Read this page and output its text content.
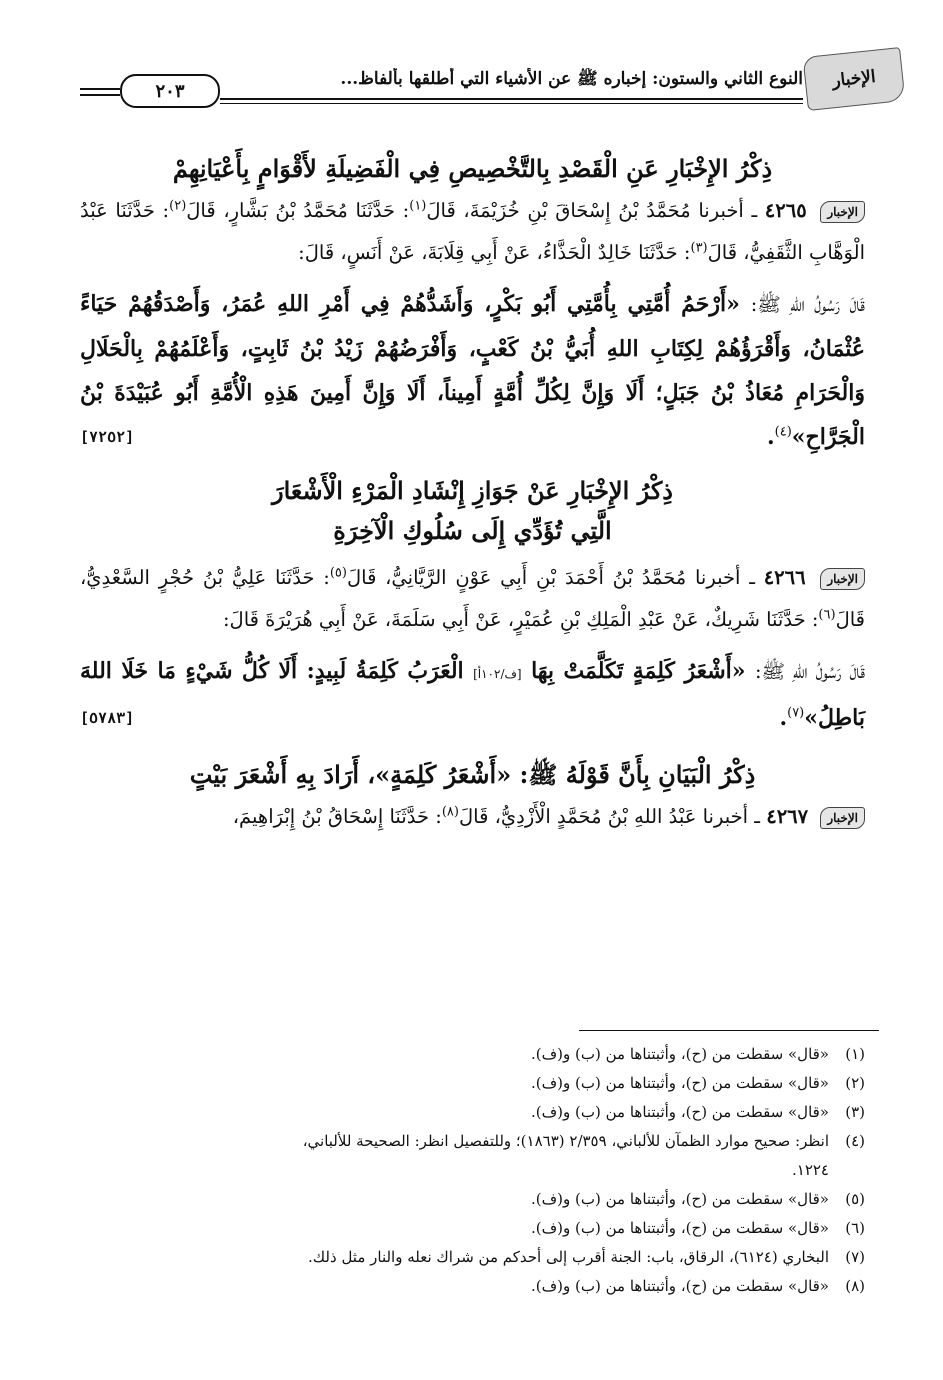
الإخبار
النوع الثاني والستون: إخباره ﷺ عن الأشياء التي أطلقها بألفاظ...
٢٠٣

ذِكْرُ الإِخْبَارِ عَنِ الْقَصْدِ بِالتَّخْصِيصِ فِي الْفَضِيلَةِ لأَقْوَامٍ بِأَعْيَانِهِمْ

الإخبار ٤٢٦٥ ـ أخبرنا مُحَمَّدُ بْنُ إِسْحَاقَ بْنِ خُزَيْمَةَ، قَالَ$^{(١)}$: حَدَّثَنَا مُحَمَّدُ بْنُ بَشَّارٍ، قَالَ$^{(٢)}$: حَدَّثَنَا عَبْدُ الْوَهَّابِ الثَّقَفِيُّ، قَالَ$^{(٣)}$: حَدَّثَنَا خَالِدٌ الْحَذَّاءُ، عَنْ أَبِي قِلَابَةَ، عَنْ أَنَسٍ، قَالَ:

قَالَ رَسُولُ اللهِ ﷺ: «أَرْحَمُ أُمَّتِي بِأُمَّتِي أَبُو بَكْرٍ، وَأَشَدُّهُمْ فِي أَمْرِ اللهِ عُمَرُ، وَأَصْدَقُهُمْ حَيَاءً عُثْمَانُ، وَأَقْرَؤُهُمْ لِكِتَابِ اللهِ أُبَيُّ بْنُ كَعْبٍ، وَأَفْرَضُهُمْ زَيْدُ بْنُ ثَابِتٍ، وَأَعْلَمُهُمْ بِالْحَلَالِ وَالْحَرَامِ مُعَاذُ بْنُ جَبَلٍ؛ أَلَا وَإِنَّ لِكُلِّ أُمَّةٍ أَمِيناً، أَلَا وَإِنَّ أَمِينَ هَذِهِ الْأُمَّةِ أَبُو عُبَيْدَةَ بْنُ الْجَرَّاحِ»$^{(٤)}$.
[٧٢٥٢]

ذِكْرُ الإِخْبَارِ عَنْ جَوَازِ إِنْشَادِ الْمَرْءِ الْأَشْعَارَ
الَّتِي تُؤَدِّي إِلَى سُلُوكِ الْآخِرَةِ

الإخبار ٤٢٦٦ ـ أخبرنا مُحَمَّدُ بْنُ أَحْمَدَ بْنِ أَبِي عَوْنٍ الرَّيَّانِيُّ، قَالَ$^{(٥)}$: حَدَّثَنَا عَلِيُّ بْنُ حُجْرٍ السَّعْدِيُّ، قَالَ$^{(٦)}$: حَدَّثَنَا شَرِيكٌ، عَنْ عَبْدِ الْمَلِكِ بْنِ عُمَيْرٍ، عَنْ أَبِي سَلَمَةَ، عَنْ أَبِي هُرَيْرَةَ قَالَ:

قَالَ رَسُولُ اللهِ ﷺ: «أَشْعَرُ كَلِمَةٍ تَكَلَّمَتْ بِهَا [ف/١٠٢أ] الْعَرَبُ كَلِمَةُ لَبِيدٍ: أَلَا كُلُّ شَيْءٍ مَا خَلَا اللهَ بَاطِلُ»$^{(٧)}$.
[٥٧٨٣]

ذِكْرُ الْبَيَانِ بِأَنَّ قَوْلَهُ ﷺ: «أَشْعَرُ كَلِمَةٍ»، أَرَادَ بِهِ أَشْعَرَ بَيْتٍ

الإخبار ٤٢٦٧ ـ أخبرنا عَبْدُ اللهِ بْنُ مُحَمَّدٍ الْأَزْدِيُّ، قَالَ$^{(٨)}$: حَدَّثَنَا إِسْحَاقُ بْنُ إِبْرَاهِيمَ،

(١)«قال» سقطت من (ح)، وأثبتناها من (ب) و(ف).

(٢)«قال» سقطت من (ح)، وأثبتناها من (ب) و(ف).

(٣)«قال» سقطت من (ح)، وأثبتناها من (ب) و(ف).

(٤)انظر: صحيح موارد الظمآن للألباني، ٢/٣٥٩ (١٨٦٣)؛ وللتفصيل انظر: الصحيحة للألباني،

١٢٢٤.

(٥)«قال» سقطت من (ح)، وأثبتناها من (ب) و(ف).

(٦)«قال» سقطت من (ح)، وأثبتناها من (ب) و(ف).

(٧)البخاري (٦١٢٤)، الرقاق، باب: الجنة أقرب إلى أحدكم من شراك نعله والنار مثل ذلك.

(٨)«قال» سقطت من (ح)، وأثبتناها من (ب) و(ف).
